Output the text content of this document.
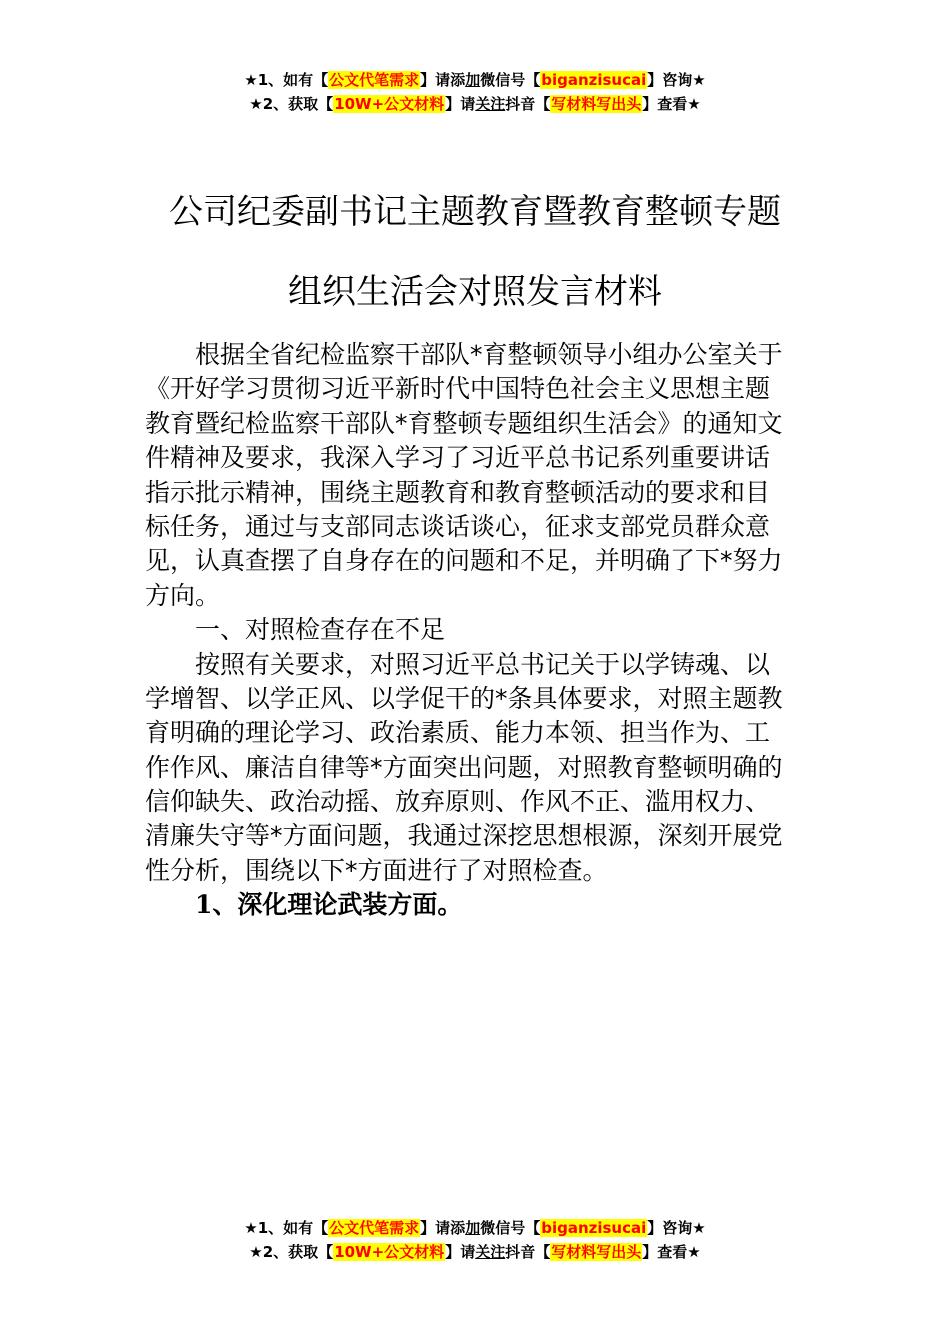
★1、如有【公文代笔需求】请添加微信号【biganzisucai】咨询★
★2、获取【10W+公文材料】请关注抖音【写材料写出头】查看★
公司纪委副书记主题教育暨教育整顿专题
组织生活会对照发言材料
根据全省纪检监察干部队*育整顿领导小组办公室关于
《开好学习贯彻习近平新时代中国特色社会主义思想主题
教育暨纪检监察干部队*育整顿专题组织生活会》的通知文
件精神及要求，我深入学习了习近平总书记系列重要讲话
指示批示精神，围绕主题教育和教育整顿活动的要求和目
标任务，通过与支部同志谈话谈心，征求支部党员群众意
见，认真查摆了自身存在的问题和不足，并明确了下*努力
方向。
一、对照检查存在不足
按照有关要求，对照习近平总书记关于以学铸魂、以
学增智、以学正风、以学促干的*条具体要求，对照主题教
育明确的理论学习、政治素质、能力本领、担当作为、工
作作风、廉洁自律等*方面突出问题，对照教育整顿明确的
信仰缺失、政治动摇、放弃原则、作风不正、滥用权力、
清廉失守等*方面问题，我通过深挖思想根源，深刻开展党
性分析，围绕以下*方面进行了对照检查。
1、深化理论武装方面。
★1、如有【公文代笔需求】请添加微信号【biganzisucai】咨询★
★2、获取【10W+公文材料】请关注抖音【写材料写出头】查看★
